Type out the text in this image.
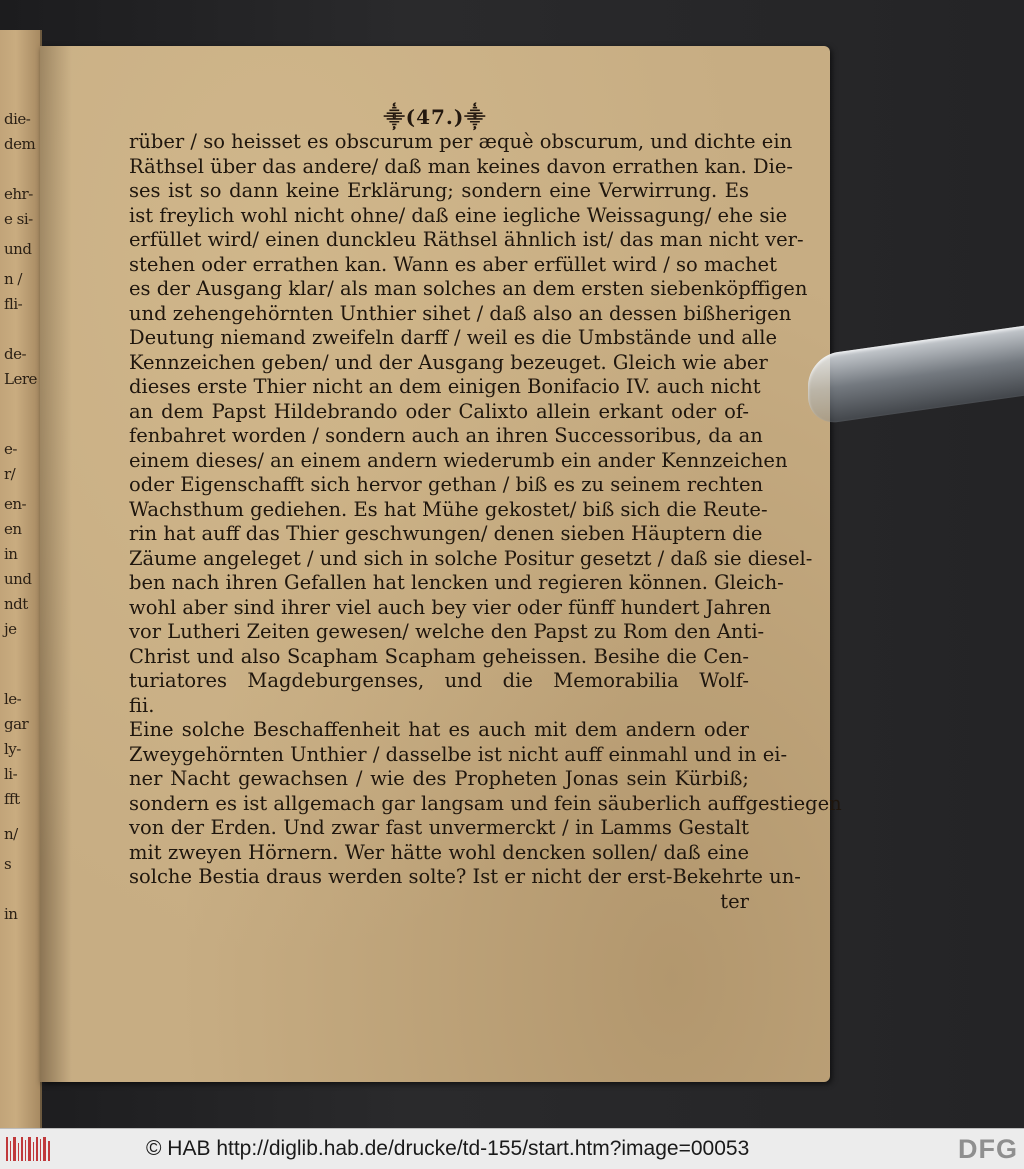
die-
dem
ehr-
e si-
und
n /
fli-
de-
Lere
e-
r/
en-
en
in
und
ndt
je
le-
gar
ly-
li-
fft
n/
s
in
⸎(47.)⸎
rüber / so heisset es obscurum per æquè obscurum, und dichte ein
Räthsel über das andere/ daß man keines davon errathen kan. Die-
ses ist so dann keine Erklärung; sondern eine Verwirrung. Es
ist freylich wohl nicht ohne/ daß eine iegliche Weissagung/ ehe sie
erfüllet wird/ einen dunckleu Räthsel ähnlich ist/ das man nicht ver-
stehen oder errathen kan. Wann es aber erfüllet wird / so machet
es der Ausgang klar/ als man solches an dem ersten siebenköpffigen
und zehengehörnten Unthier sihet / daß also an dessen bißherigen
Deutung niemand zweifeln darff / weil es die Umbstände und alle
Kennzeichen geben/ und der Ausgang bezeuget. Gleich wie aber
dieses erste Thier nicht an dem einigen Bonifacio IV. auch nicht
an dem Papst Hildebrando oder Calixto allein erkant oder of-
fenbahret worden / sondern auch an ihren Successoribus, da an
einem dieses/ an einem andern wiederumb ein ander Kennzeichen
oder Eigenschafft sich hervor gethan / biß es zu seinem rechten
Wachsthum gediehen. Es hat Mühe gekostet/ biß sich die Reute-
rin hat auff das Thier geschwungen/ denen sieben Häuptern die
Zäume angeleget / und sich in solche Positur gesetzt / daß sie diesel-
ben nach ihren Gefallen hat lencken und regieren können. Gleich-
wohl aber sind ihrer viel auch bey vier oder fünff hundert Jahren
vor Lutheri Zeiten gewesen/ welche den Papst zu Rom den Anti-
Christ und also Scapham Scapham geheissen. Besihe die Cen-
turiatores Magdeburgenses, und die Memorabilia Wolf-
fii.
Eine solche Beschaffenheit hat es auch mit dem andern oder
Zweygehörnten Unthier / dasselbe ist nicht auff einmahl und in ei-
ner Nacht gewachsen / wie des Propheten Jonas sein Kürbiß;
sondern es ist allgemach gar langsam und fein säuberlich auffgestiegen
von der Erden. Und zwar fast unvermerckt / in Lamms Gestalt
mit zweyen Hörnern. Wer hätte wohl dencken sollen/ daß eine
solche Bestia draus werden solte? Ist er nicht der erst-Bekehrte un-
ter
© HAB http://diglib.hab.de/drucke/td-155/start.htm?image=00053	DFG
